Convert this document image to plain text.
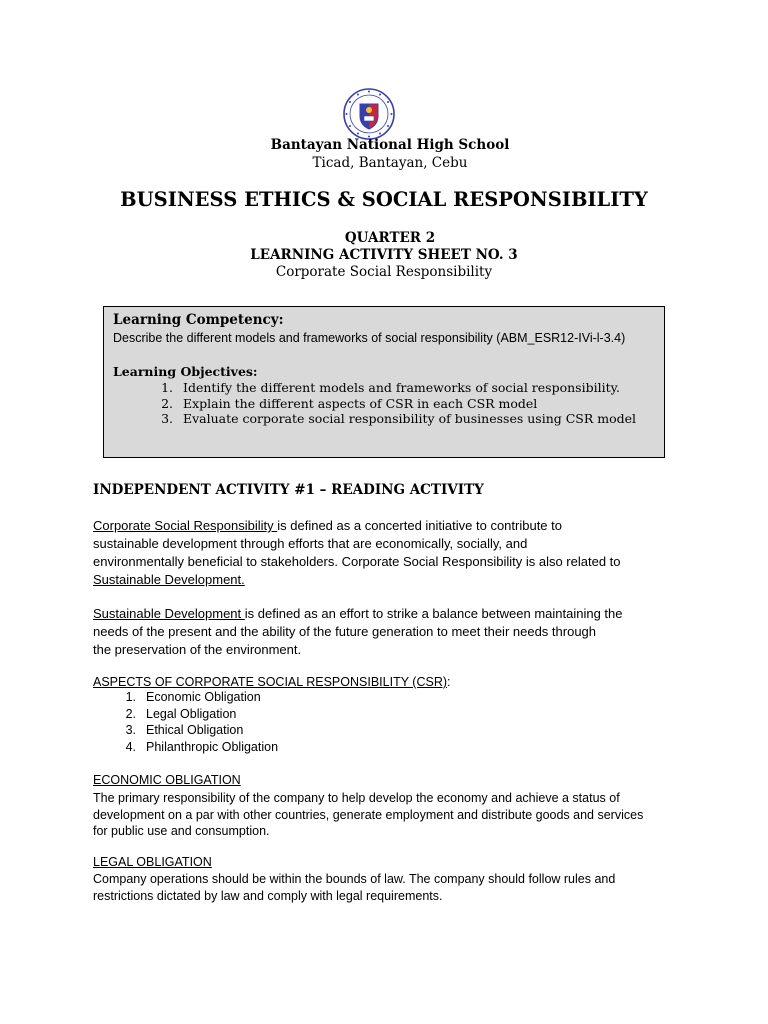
Bantayan National High School
Ticad, Bantayan, Cebu
BUSINESS ETHICS & SOCIAL RESPONSIBILITY
QUARTER 2
LEARNING ACTIVITY SHEET NO. 3
Corporate Social Responsibility
Learning Competency:
Describe the different models and frameworks of social responsibility (ABM_ESR12-IVi-l-3.4)
Learning Objectives:
1. Identify the different models and frameworks of social responsibility.
2. Explain the different aspects of CSR in each CSR model
3. Evaluate corporate social responsibility of businesses using CSR model
INDEPENDENT ACTIVITY #1 – READING ACTIVITY
Corporate Social Responsibility is defined as a concerted initiative to contribute to
sustainable development through efforts that are economically, socially, and
environmentally beneficial to stakeholders. Corporate Social Responsibility is also related to
Sustainable Development.
Sustainable Development is defined as an effort to strike a balance between maintaining the
needs of the present and the ability of the future generation to meet their needs through
the preservation of the environment.
ASPECTS OF CORPORATE SOCIAL RESPONSIBILITY (CSR):
1. Economic Obligation
2. Legal Obligation
3. Ethical Obligation
4. Philanthropic Obligation
ECONOMIC OBLIGATION
The primary responsibility of the company to help develop the economy and achieve a status of
development on a par with other countries, generate employment and distribute goods and services
for public use and consumption.
LEGAL OBLIGATION
Company operations should be within the bounds of law. The company should follow rules and
restrictions dictated by law and comply with legal requirements.
